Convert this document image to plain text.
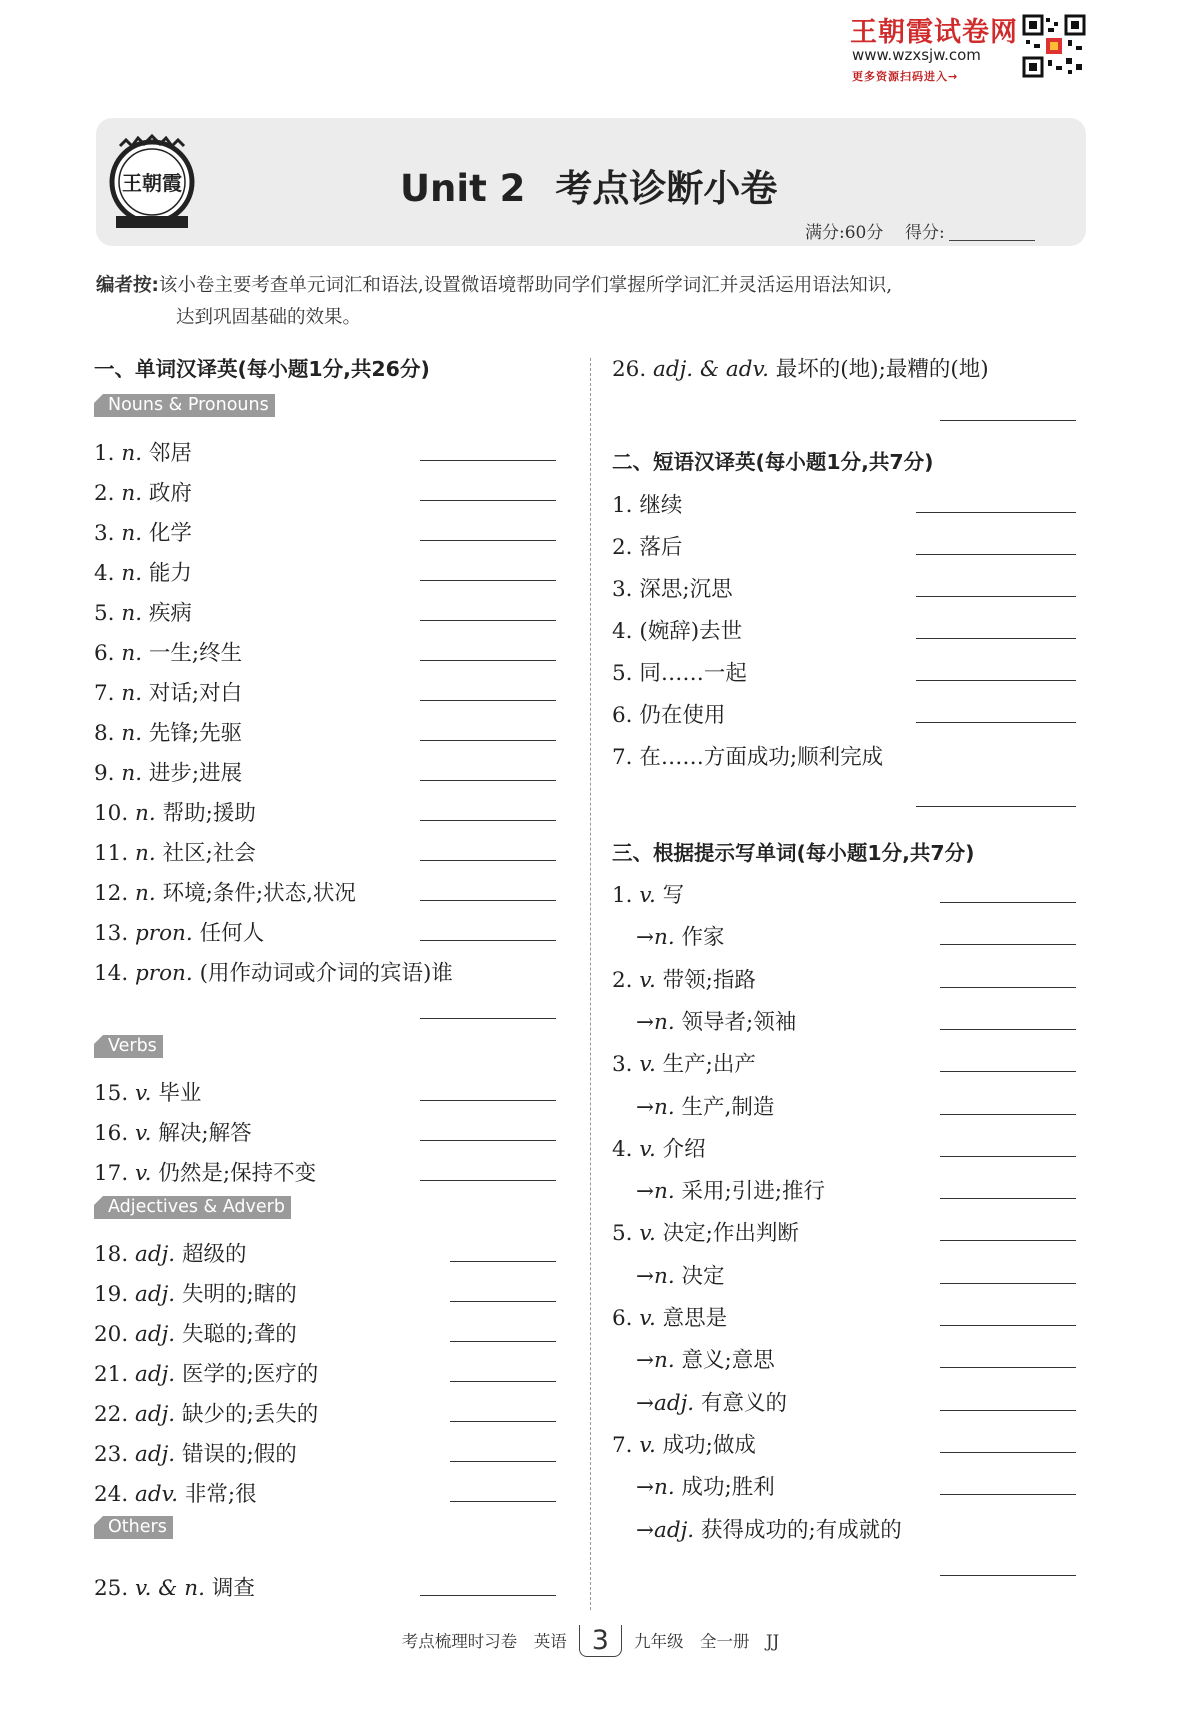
王朝霞试卷网
www.wzxsjw.com
更多资源扫码进入→
王朝霞	Unit 2 考点诊断小卷
满分:60分 得分:
编者按:该小卷主要考查单元词汇和语法,设置微语境帮助同学们掌握所学词汇并灵活运用语法知识,
达到巩固基础的效果。
一、单词汉译英(每小题1分,共26分)
Nouns & Pronouns
Verbs
Adjectives & Adverb
Others
1. n. 邻居
2. n. 政府
3. n. 化学
4. n. 能力
5. n. 疾病
6. n. 一生;终生
7. n. 对话;对白
8. n. 先锋;先驱
9. n. 进步;进展
10. n. 帮助;援助
11. n. 社区;社会
12. n. 环境;条件;状态,状况
13. pron. 任何人
14. pron. (用作动词或介词的宾语)谁
15. v. 毕业
16. v. 解决;解答
17. v. 仍然是;保持不变
18. adj. 超级的
19. adj. 失明的;瞎的
20. adj. 失聪的;聋的
21. adj. 医学的;医疗的
22. adj. 缺少的;丢失的
23. adj. 错误的;假的
24. adv. 非常;很
25. v. & n. 调查
26. adj. & adv. 最坏的(地);最糟的(地)
二、短语汉译英(每小题1分,共7分)
1. 继续
2. 落后
3. 深思;沉思
4. (婉辞)去世
5. 同……一起
6. 仍在使用
7. 在……方面成功;顺利完成
三、根据提示写单词(每小题1分,共7分)
1. v. 写
→n. 作家
2. v. 带领;指路
→n. 领导者;领袖
3. v. 生产;出产
→n. 生产,制造
4. v. 介绍
→n. 采用;引进;推行
5. v. 决定;作出判断
→n. 决定
6. v. 意思是
→n. 意义;意思
→adj. 有意义的
7. v. 成功;做成
→n. 成功;胜利
→adj. 获得成功的;有成就的
考点梳理时习卷　英语 3 九年级　全一册　JJ
